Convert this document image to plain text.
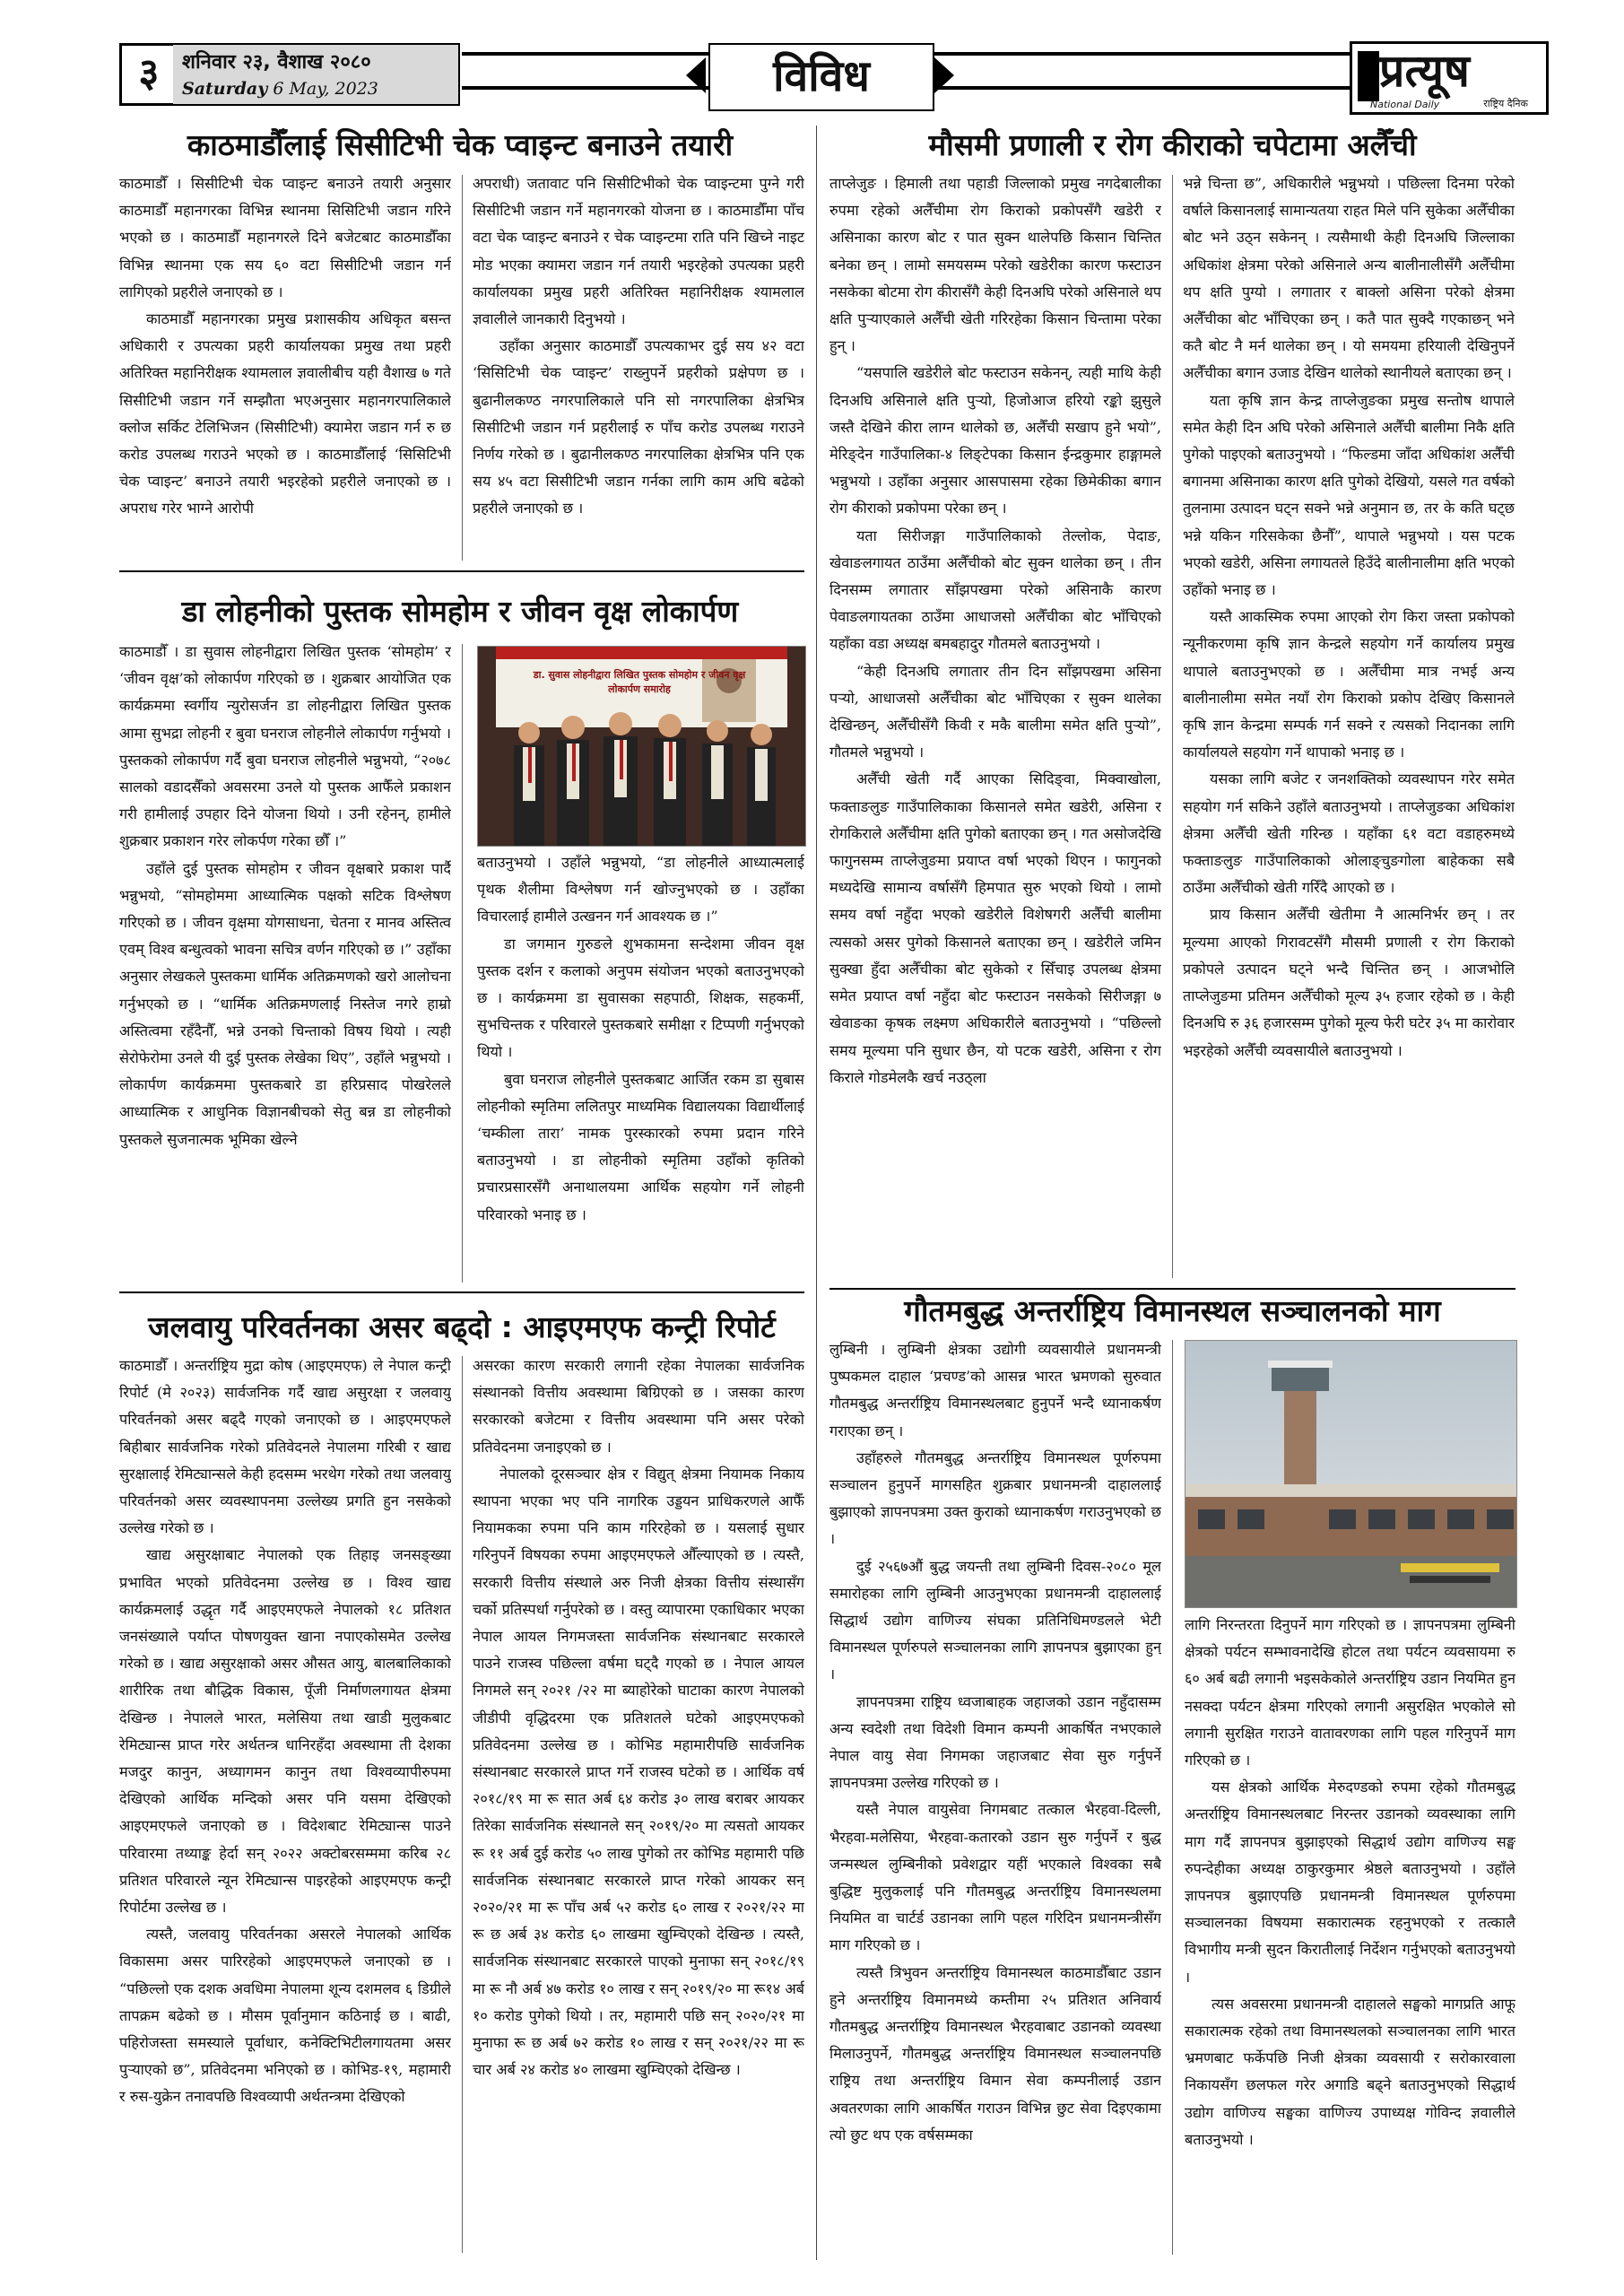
३	शनिवार २३, वैशाख २०८०
Saturday 6 May, 2023	विविध	प्रत्यूष
National Daily	राष्ट्रिय दैनिक
काठमाडौँलाई सिसीटिभी चेक प्वाइन्ट बनाउने तयारी

काठमाडौँ । सिसीटिभी चेक प्वाइन्ट बनाउने तयारी अनुसार काठमाडौँ महानगरका विभिन्न स्थानमा सिसिटिभी जडान गरिने भएको छ । काठमाडौँ महानगरले दिने बजेटबाट काठमाडौँका विभिन्न स्थानमा एक सय ६० वटा सिसीटिभी जडान गर्न लागिएको प्रहरीले जनाएको छ ।

काठमाडौँ महानगरका प्रमुख प्रशासकीय अधिकृत बसन्त अधिकारी र उपत्यका प्रहरी कार्यालयका प्रमुख तथा प्रहरी अतिरिक्त महानिरीक्षक श्यामलाल ज्ञवालीबीच यही वैशाख ७ गते सिसीटिभी जडान गर्ने सम्झौता भएअनुसार महानगरपालिकाले क्लोज सर्किट टेलिभिजन (सिसीटिभी) क्यामेरा जडान गर्न रु छ करोड उपलब्ध गराउने भएको छ । काठमाडौँलाई ‘सिसिटिभी चेक प्वाइन्ट’ बनाउने तयारी भइरहेको प्रहरीले जनाएको छ । अपराध गरेर भाग्ने आरोपी

अपराधी) जतावाट पनि सिसीटिभीको चेक प्वाइन्टमा पुग्ने गरी सिसीटिभी जडान गर्ने महानगरको योजना छ । काठमाडौँमा पाँच वटा चेक प्वाइन्ट बनाउने र चेक प्वाइन्टमा राति पनि खिच्ने नाइट मोड भएका क्यामरा जडान गर्न तयारी भइरहेको उपत्यका प्रहरी कार्यालयका प्रमुख प्रहरी अतिरिक्त महानिरीक्षक श्यामलाल ज्ञवालीले जानकारी दिनुभयो ।

उहाँका अनुसार काठमाडौँ उपत्यकाभर दुई सय ४२ वटा ‘सिसिटिभी चेक प्वाइन्ट’ राख्नुपर्ने प्रहरीको प्रक्षेपण छ । बुढानीलकण्ठ नगरपालिकाले पनि सो नगरपालिका क्षेत्रभित्र सिसीटिभी जडान गर्न प्रहरीलाई रु पाँच करोड उपलब्ध गराउने निर्णय गरेको छ । बुढानीलकण्ठ नगरपालिका क्षेत्रभित्र पनि एक सय ४५ वटा सिसीटिभी जडान गर्नका लागि काम अघि बढेको प्रहरीले जनाएको छ ।

डा लोहनीको पुस्तक सोमहोम र जीवन वृक्ष लोकार्पण

काठमाडौँ । डा सुवास लोहनीद्वारा लिखित पुस्तक ‘सोमहोम’ र ‘जीवन वृक्ष’को लोकार्पण गरिएको छ । शुक्रबार आयोजित एक कार्यक्रममा स्वर्गीय न्युरोसर्जन डा लोहनीद्वारा लिखित पुस्तक आमा सुभद्रा लोहनी र बुवा घनराज लोहनीले लोकार्पण गर्नुभयो । पुस्तकको लोकार्पण गर्दै बुवा घनराज लोहनीले भन्नुभयो, “२०७८ सालको वडादसैँको अवसरमा उनले यो पुस्तक आफैँले प्रकाशन गरी हामीलाई उपहार दिने योजना थियो । उनी रहेनन्, हामीले शुक्रबार प्रकाशन गरेर लोकर्पण गरेका छौँ ।”

उहाँले दुई पुस्तक सोमहोम र जीवन वृक्षबारे प्रकाश पार्दै भन्नुभयो, “सोमहोममा आध्यात्मिक पक्षको सटिक विश्लेषण गरिएको छ । जीवन वृक्षमा योगसाधना, चेतना र मानव अस्तित्व एवम् विश्व बन्धुत्वको भावना सचित्र वर्णन गरिएको छ ।” उहाँका अनुसार लेखकले पुस्तकमा धार्मिक अतिक्रमणको खरो आलोचना गर्नुभएको छ । “धार्मिक अतिक्रमणलाई निस्तेज नगरे हाम्रो अस्तित्वमा रहँदैनौँ, भन्ने उनको चिन्ताको विषय थियो । त्यही सेरोफेरोमा उनले यी दुई पुस्तक लेखेका थिए”, उहाँले भन्नुभयो । लोकार्पण कार्यक्रममा पुस्तकबारे डा हरिप्रसाद पोखरेलले आध्यात्मिक र आधुनिक विज्ञानबीचको सेतु बन्न डा लोहनीको पुस्तकले सुजनात्मक भूमिका खेल्ने

डा. सुवास लोहनीद्वारा लिखित पुस्तक सोमहोम र जीवन वृक्ष लोकार्पण समारोह

बताउनुभयो । उहाँले भन्नुभयो, “डा लोहनीले आध्यात्मलाई पृथक शैलीमा विश्लेषण गर्न खोज्नुभएको छ । उहाँका विचारलाई हामीले उत्खनन गर्न आवश्यक छ ।”

डा जगमान गुरुङले शुभकामना सन्देशमा जीवन वृक्ष पुस्तक दर्शन र कलाको अनुपम संयोजन भएको बताउनुभएको छ । कार्यक्रममा डा सुवासका सहपाठी, शिक्षक, सहकर्मी, सुभचिन्तक र परिवारले पुस्तकबारे समीक्षा र टिप्पणी गर्नुभएको थियो ।

बुवा घनराज लोहनीले पुस्तकबाट आर्जित रकम डा सुबास लोहनीको स्मृतिमा ललितपुर माध्यमिक विद्यालयका विद्यार्थीलाई ‘चम्कीला तारा’ नामक पुरस्कारको रुपमा प्रदान गरिने बताउनुभयो । डा लोहनीको स्मृतिमा उहाँको कृतिको प्रचारप्रसारसँगै अनाथालयमा आर्थिक सहयोग गर्ने लोहनी परिवारको भनाइ छ ।

जलवायु परिवर्तनका असर बढ्दो : आइएमएफ कन्ट्री रिपोर्ट

काठमाडौँ । अन्तर्राष्ट्रिय मुद्रा कोष (आइएमएफ) ले नेपाल कन्ट्री रिपोर्ट (मे २०२३) सार्वजनिक गर्दै खाद्य असुरक्षा र जलवायु परिवर्तनको असर बढ्दै गएको जनाएको छ । आइएमएफले बिहीबार सार्वजनिक गरेको प्रतिवेदनले नेपालमा गरिबी र खाद्य सुरक्षालाई रेमिट्यान्सले केही हदसम्म भरथेग गरेको तथा जलवायु परिवर्तनको असर व्यवस्थापनमा उल्लेख्य प्रगति हुन नसकेको उल्लेख गरेको छ ।

खाद्य असुरक्षाबाट नेपालको एक तिहाइ जनसङ्ख्या प्रभावित भएको प्रतिवेदनमा उल्लेख छ । विश्व खाद्य कार्यक्रमलाई उद्धृत गर्दै आइएमएफले नेपालको १८ प्रतिशत जनसंख्याले पर्याप्त पोषणयुक्त खाना नपाएकोसमेत उल्लेख गरेको छ । खाद्य असुरक्षाको असर औसत आयु, बालबालिकाको शारीरिक तथा बौद्धिक विकास, पूँजी निर्माणलगायत क्षेत्रमा देखिन्छ । नेपालले भारत, मलेसिया तथा खाडी मुलुकबाट रेमिट्यान्स प्राप्त गरेर अर्थतन्त्र धानिरहँदा अवस्थामा ती देशका मजदुर कानुन, अध्यागमन कानुन तथा विश्वव्यापीरुपमा देखिएको आर्थिक मन्दिको असर पनि यसमा देखिएको आइएमएफले जनाएको छ । विदेशबाट रेमिट्यान्स पाउने परिवारमा तथ्याङ्क हेर्दा सन् २०२२ अक्टोबरसम्ममा करिब २८ प्रतिशत परिवारले न्यून रेमिट्यान्स पाइरहेको आइएमएफ कन्ट्री रिपोर्टमा उल्लेख छ ।

त्यस्तै, जलवायु परिवर्तनका असरले नेपालको आर्थिक विकासमा असर पारिरहेको आइएमएफले जनाएको छ । “पछिल्लो एक दशक अवधिमा नेपालमा शून्य दशमलव ६ डिग्रीले तापक्रम बढेको छ । मौसम पूर्वानुमान कठिनाई छ । बाढी, पहिरोजस्ता समस्याले पूर्वाधार, कनेक्टिभिटीलगायतमा असर पुऱ्याएको छ”, प्रतिवेदनमा भनिएको छ । कोभिड-१९, महामारी र रुस-युक्रेन तनावपछि विश्वव्यापी अर्थतन्त्रमा देखिएको

असरका कारण सरकारी लगानी रहेका नेपालका सार्वजनिक संस्थानको वित्तीय अवस्थामा बिग्रिएको छ । जसका कारण सरकारको बजेटमा र वित्तीय अवस्थामा पनि असर परेको प्रतिवेदनमा जनाइएको छ ।

नेपालको दूरसञ्चार क्षेत्र र विद्युत् क्षेत्रमा नियामक निकाय स्थापना भएका भए पनि नागरिक उड्डयन प्राधिकरणले आफैँ नियामकका रुपमा पनि काम गरिरहेको छ । यसलाई सुधार गरिनुपर्ने विषयका रुपमा आइएमएफले औँल्याएको छ । त्यस्तै, सरकारी वित्तीय संस्थाले अरु निजी क्षेत्रका वित्तीय संस्थासँग चर्को प्रतिस्पर्धा गर्नुपरेको छ । वस्तु व्यापारमा एकाधिकार भएका नेपाल आयल निगमजस्ता सार्वजनिक संस्थानबाट सरकारले पाउने राजस्व पछिल्ला वर्षमा घट्दै गएको छ । नेपाल आयल निगमले सन् २०२१ /२२ मा ब्याहोरेको घाटाका कारण नेपालको जीडीपी वृद्धिदरमा एक प्रतिशतले घटेको आइएमएफको प्रतिवेदनमा उल्लेख छ । कोभिड महामारीपछि सार्वजनिक संस्थानबाट सरकारले प्राप्त गर्ने राजस्व घटेको छ । आर्थिक वर्ष २०१८/१९ मा रू सात अर्ब ६४ करोड ३० लाख बराबर आयकर तिरेका सार्वजनिक संस्थानले सन् २०१९/२० मा त्यसतो आयकर रू ११ अर्ब दुई करोड ५० लाख पुगेको तर कोभिड महामारी पछि सार्वजनिक संस्थानबाट सरकारले प्राप्त गरेको आयकर सन् २०२०/२१ मा रू पाँच अर्ब ५२ करोड ६० लाख र २०२१/२२ मा रू छ अर्ब ३४ करोड ६० लाखमा खुम्चिएको देखिन्छ । त्यस्तै, सार्वजनिक संस्थानबाट सरकारले पाएको मुनाफा सन् २०१८/१९ मा रू नौ अर्ब ४७ करोड १० लाख र सन् २०१९/२० मा रू१४ अर्ब १० करोड पुगेको थियो । तर, महामारी पछि सन् २०२०/२१ मा मुनाफा रू छ अर्ब ७२ करोड १० लाख र सन् २०२१/२२ मा रू चार अर्ब २४ करोड ४० लाखमा खुम्चिएको देखिन्छ ।

मौसमी प्रणाली र रोग कीराको चपेटामा अलैँची

ताप्लेजुङ । हिमाली तथा पहाडी जिल्लाको प्रमुख नगदेबालीका रुपमा रहेको अलैँचीमा रोग किराको प्रकोपसँगै खडेरी र असिनाका कारण बोट र पात सुक्न थालेपछि किसान चिन्तित बनेका छन् । लामो समयसम्म परेको खडेरीका कारण फस्टाउन नसकेका बोटमा रोग कीरासँगै केही दिनअघि परेको असिनाले थप क्षति पुऱ्याएकाले अलैँची खेती गरिरहेका किसान चिन्तामा परेका हुन् ।

“यसपालि खडेरीले बोट फस्टाउन सकेनन्, त्यही माथि केही दिनअघि असिनाले क्षति पुऱ्यो, हिजोआज हरियो रङ्को झुसुले जस्तै देखिने कीरा लाग्न थालेको छ, अलैँची सखाप हुने भयो”, मेरिङ्देन गाउँपालिका-४ लिङ्टेपका किसान ईन्द्रकुमार हाङ्गामले भन्नुभयो । उहाँका अनुसार आसपासमा रहेका छिमेकीका बगान रोग कीराको प्रकोपमा परेका छन् ।

यता सिरीजङ्गा गाउँपालिकाको तेल्लोक, पेदाङ, खेवाङलगायत ठाउँमा अलैँचीको बोट सुक्न थालेका छन् । तीन दिनसम्म लगातार साँझपखमा परेको असिनाकै कारण पेवाङलगायतका ठाउँमा आधाजसो अलैँचीका बोट भाँचिएको यहाँका वडा अध्यक्ष बमबहादुर गौतमले बताउनुभयो ।

“केही दिनअघि लगातार तीन दिन साँझपखमा असिना पऱ्यो, आधाजसो अलैँचीका बोट भाँचिएका र सुक्न थालेका देखिन्छन्, अलैँचीसँगै किवी र मकै बालीमा समेत क्षति पुऱ्यो”, गौतमले भन्नुभयो ।

अलैँची खेती गर्दै आएका सिदिङ्वा, मिक्वाखोला, फक्ताङलुङ गाउँपालिकाका किसानले समेत खडेरी, असिना र रोगकिराले अलैँचीमा क्षति पुगेको बताएका छन् । गत असोजदेखि फागुनसम्म ताप्लेजुङमा प्रयाप्त वर्षा भएको थिएन । फागुनको मध्यदेखि सामान्य वर्षासँगै हिमपात सुरु भएको थियो । लामो समय वर्षा नहुँदा भएको खडेरीले विशेषगरी अलैँची बालीमा त्यसको असर पुगेको किसानले बताएका छन् । खडेरीले जमिन सुक्खा हुँदा अलैँचीका बोट सुकेको र सिँचाइ उपलब्ध क्षेत्रमा समेत प्रयाप्त वर्षा नहुँदा बोट फस्टाउन नसकेको सिरीजङ्गा ७ खेवाङका कृषक लक्ष्मण अधिकारीले बताउनुभयो । “पछिल्लो समय मूल्यमा पनि सुधार छैन, यो पटक खडेरी, असिना र रोग किराले गोडमेलकै खर्च नउठ्ला

भन्ने चिन्ता छ”, अधिकारीले भन्नुभयो । पछिल्ला दिनमा परेको वर्षाले किसानलाई सामान्यतया राहत मिले पनि सुकेका अलैँचीका बोट भने उठ्न सकेनन् । त्यसैमाथी केही दिनअघि जिल्लाका अधिकांश क्षेत्रमा परेको असिनाले अन्य बालीनालीसँगै अलैँचीमा थप क्षति पुग्यो । लगातार र बाक्लो असिना परेको क्षेत्रमा अलैँचीका बोट भाँचिएका छन् । कतै पात सुक्दै गएकाछन् भने कतै बोट नै मर्न थालेका छन् । यो समयमा हरियाली देखिनुपर्ने अलैँचीका बगान उजाड देखिन थालेको स्थानीयले बताएका छन् ।

यता कृषि ज्ञान केन्द्र ताप्लेजुङका प्रमुख सन्तोष थापाले समेत केही दिन अघि परेको असिनाले अलैँची बालीमा निकै क्षति पुगेको पाइएको बताउनुभयो । “फिल्डमा जाँदा अधिकांश अलैँची बगानमा असिनाका कारण क्षति पुगेको देखियो, यसले गत वर्षको तुलनामा उत्पादन घट्न सक्ने भन्ने अनुमान छ, तर के कति घट्छ भन्ने यकिन गरिसकेका छैनौँ”, थापाले भन्नुभयो । यस पटक भएको खडेरी, असिना लगायतले हिउँदे बालीनालीमा क्षति भएको उहाँको भनाइ छ ।

यस्तै आकस्मिक रुपमा आएको रोग किरा जस्ता प्रकोपको न्यूनीकरणमा कृषि ज्ञान केन्द्रले सहयोग गर्ने कार्यालय प्रमुख थापाले बताउनुभएको छ । अलैँचीमा मात्र नभई अन्य बालीनालीमा समेत नयाँ रोग किराको प्रकोप देखिए किसानले कृषि ज्ञान केन्द्रमा सम्पर्क गर्न सक्ने र त्यसको निदानका लागि कार्यालयले सहयोग गर्ने थापाको भनाइ छ ।

यसका लागि बजेट र जनशक्तिको व्यवस्थापन गरेर समेत सहयोग गर्न सकिने उहाँले बताउनुभयो । ताप्लेजुङका अधिकांश क्षेत्रमा अलैँची खेती गरिन्छ । यहाँका ६१ वटा वडाहरुमध्ये फक्ताङलुङ गाउँपालिकाको ओलाङ्चुङगोला बाहेकका सबै ठाउँमा अलैँचीको खेती गरिँदै आएको छ ।

प्राय किसान अलैँची खेतीमा नै आत्मनिर्भर छन् । तर मूल्यमा आएको गिरावटसँगै मौसमी प्रणाली र रोग किराको प्रकोपले उत्पादन घट्ने भन्दै चिन्तित छन् । आजभोलि ताप्लेजुङमा प्रतिमन अलैँचीको मूल्य ३५ हजार रहेको छ । केही दिनअघि रु ३६ हजारसम्म पुगेको मूल्य फेरी घटेर ३५ मा कारोवार भइरहेको अलैँची व्यवसायीले बताउनुभयो ।

गौतमबुद्ध अन्तर्राष्ट्रिय विमानस्थल सञ्चालनको माग

लुम्बिनी । लुम्बिनी क्षेत्रका उद्योगी व्यवसायीले प्रधानमन्त्री पुष्पकमल दाहाल ‘प्रचण्ड’को आसन्न भारत भ्रमणको सुरुवात गौतमबुद्ध अन्तर्राष्ट्रिय विमानस्थलबाट हुनुपर्ने भन्दै ध्यानाकर्षण गराएका छन् ।

उहाँहरुले गौतमबुद्ध अन्तर्राष्ट्रिय विमानस्थल पूर्णरुपमा सञ्चालन हुनुपर्ने मागसहित शुक्रबार प्रधानमन्त्री दाहाललाई बुझाएको ज्ञापनपत्रमा उक्त कुराको ध्यानाकर्षण गराउनुभएको छ ।

दुई २५६७औं बुद्ध जयन्ती तथा लुम्बिनी दिवस-२०८० मूल समारोहका लागि लुम्बिनी आउनुभएका प्रधानमन्त्री दाहाललाई सिद्धार्थ उद्योग वाणिज्य संघका प्रतिनिधिमण्डलले भेटी विमानस्थल पूर्णरुपले सञ्चालनका लागि ज्ञापनपत्र बुझाएका हुन् ।

ज्ञापनपत्रमा राष्ट्रिय ध्वजाबाहक जहाजको उडान नहुँदासम्म अन्य स्वदेशी तथा विदेशी विमान कम्पनी आकर्षित नभएकाले नेपाल वायु सेवा निगमका जहाजबाट सेवा सुरु गर्नुपर्ने ज्ञापनपत्रमा उल्लेख गरिएको छ ।

यस्तै नेपाल वायुसेवा निगमबाट तत्काल भैरहवा-दिल्ली, भैरहवा-मलेसिया, भैरहवा-कतारको उडान सुरु गर्नुपर्ने र बुद्ध जन्मस्थल लुम्बिनीको प्रवेशद्वार यहीं भएकाले विश्वका सबै बुद्धिष्ट मुलुकलाई पनि गौतमबुद्ध अन्तर्राष्ट्रिय विमानस्थलमा नियमित वा चार्टर्ड उडानका लागि पहल गरिदिन प्रधानमन्त्रीसँग माग गरिएको छ ।

त्यस्तै त्रिभुवन अन्तर्राष्ट्रिय विमानस्थल काठमाडौँबाट उडान हुने अन्तर्राष्ट्रिय विमानमध्ये कम्तीमा २५ प्रतिशत अनिवार्य गौतमबुद्ध अन्तर्राष्ट्रिय विमानस्थल भैरहवाबाट उडानको व्यवस्था मिलाउनुपर्ने, गौतमबुद्ध अन्तर्राष्ट्रिय विमानस्थल सञ्चालनपछि राष्ट्रिय तथा अन्तर्राष्ट्रिय विमान सेवा कम्पनीलाई उडान अवतरणका लागि आकर्षित गराउन विभिन्न छुट सेवा दिइएकामा त्यो छुट थप एक वर्षसम्मका

लागि निरन्तरता दिनुपर्ने माग गरिएको छ । ज्ञापनपत्रमा लुम्बिनी क्षेत्रको पर्यटन सम्भावनादेखि होटल तथा पर्यटन व्यवसायमा रु ६० अर्ब बढी लगानी भइसकेकोले अन्तर्राष्ट्रिय उडान नियमित हुन नसक्दा पर्यटन क्षेत्रमा गरिएको लगानी असुरक्षित भएकोले सो लगानी सुरक्षित गराउने वातावरणका लागि पहल गरिनुपर्ने माग गरिएको छ ।

यस क्षेत्रको आर्थिक मेरुदण्डको रुपमा रहेको गौतमबुद्ध अन्तर्राष्ट्रिय विमानस्थलबाट निरन्तर उडानको व्यवस्थाका लागि माग गर्दै ज्ञापनपत्र बुझाइएको सिद्धार्थ उद्योग वाणिज्य सङ्घ रुपन्देहीका अध्यक्ष ठाकुरकुमार श्रेष्ठले बताउनुभयो । उहाँले ज्ञापनपत्र बुझाएपछि प्रधानमन्त्री विमानस्थल पूर्णरुपमा सञ्चालनका विषयमा सकारात्मक रहनुभएको र तत्कालै विभागीय मन्त्री सुदन किरातीलाई निर्देशन गर्नुभएको बताउनुभयो ।

त्यस अवसरमा प्रधानमन्त्री दाहालले सङ्घको मागप्रति आफू सकारात्मक रहेको तथा विमानस्थलको सञ्चालनका लागि भारत भ्रमणबाट फर्केपछि निजी क्षेत्रका व्यवसायी र सरोकारवाला निकायसँग छलफल गरेर अगाडि बढ्ने बताउनुभएको सिद्धार्थ उद्योग वाणिज्य सङ्घका वाणिज्य उपाध्यक्ष गोविन्द ज्ञवालीले बताउनुभयो ।
